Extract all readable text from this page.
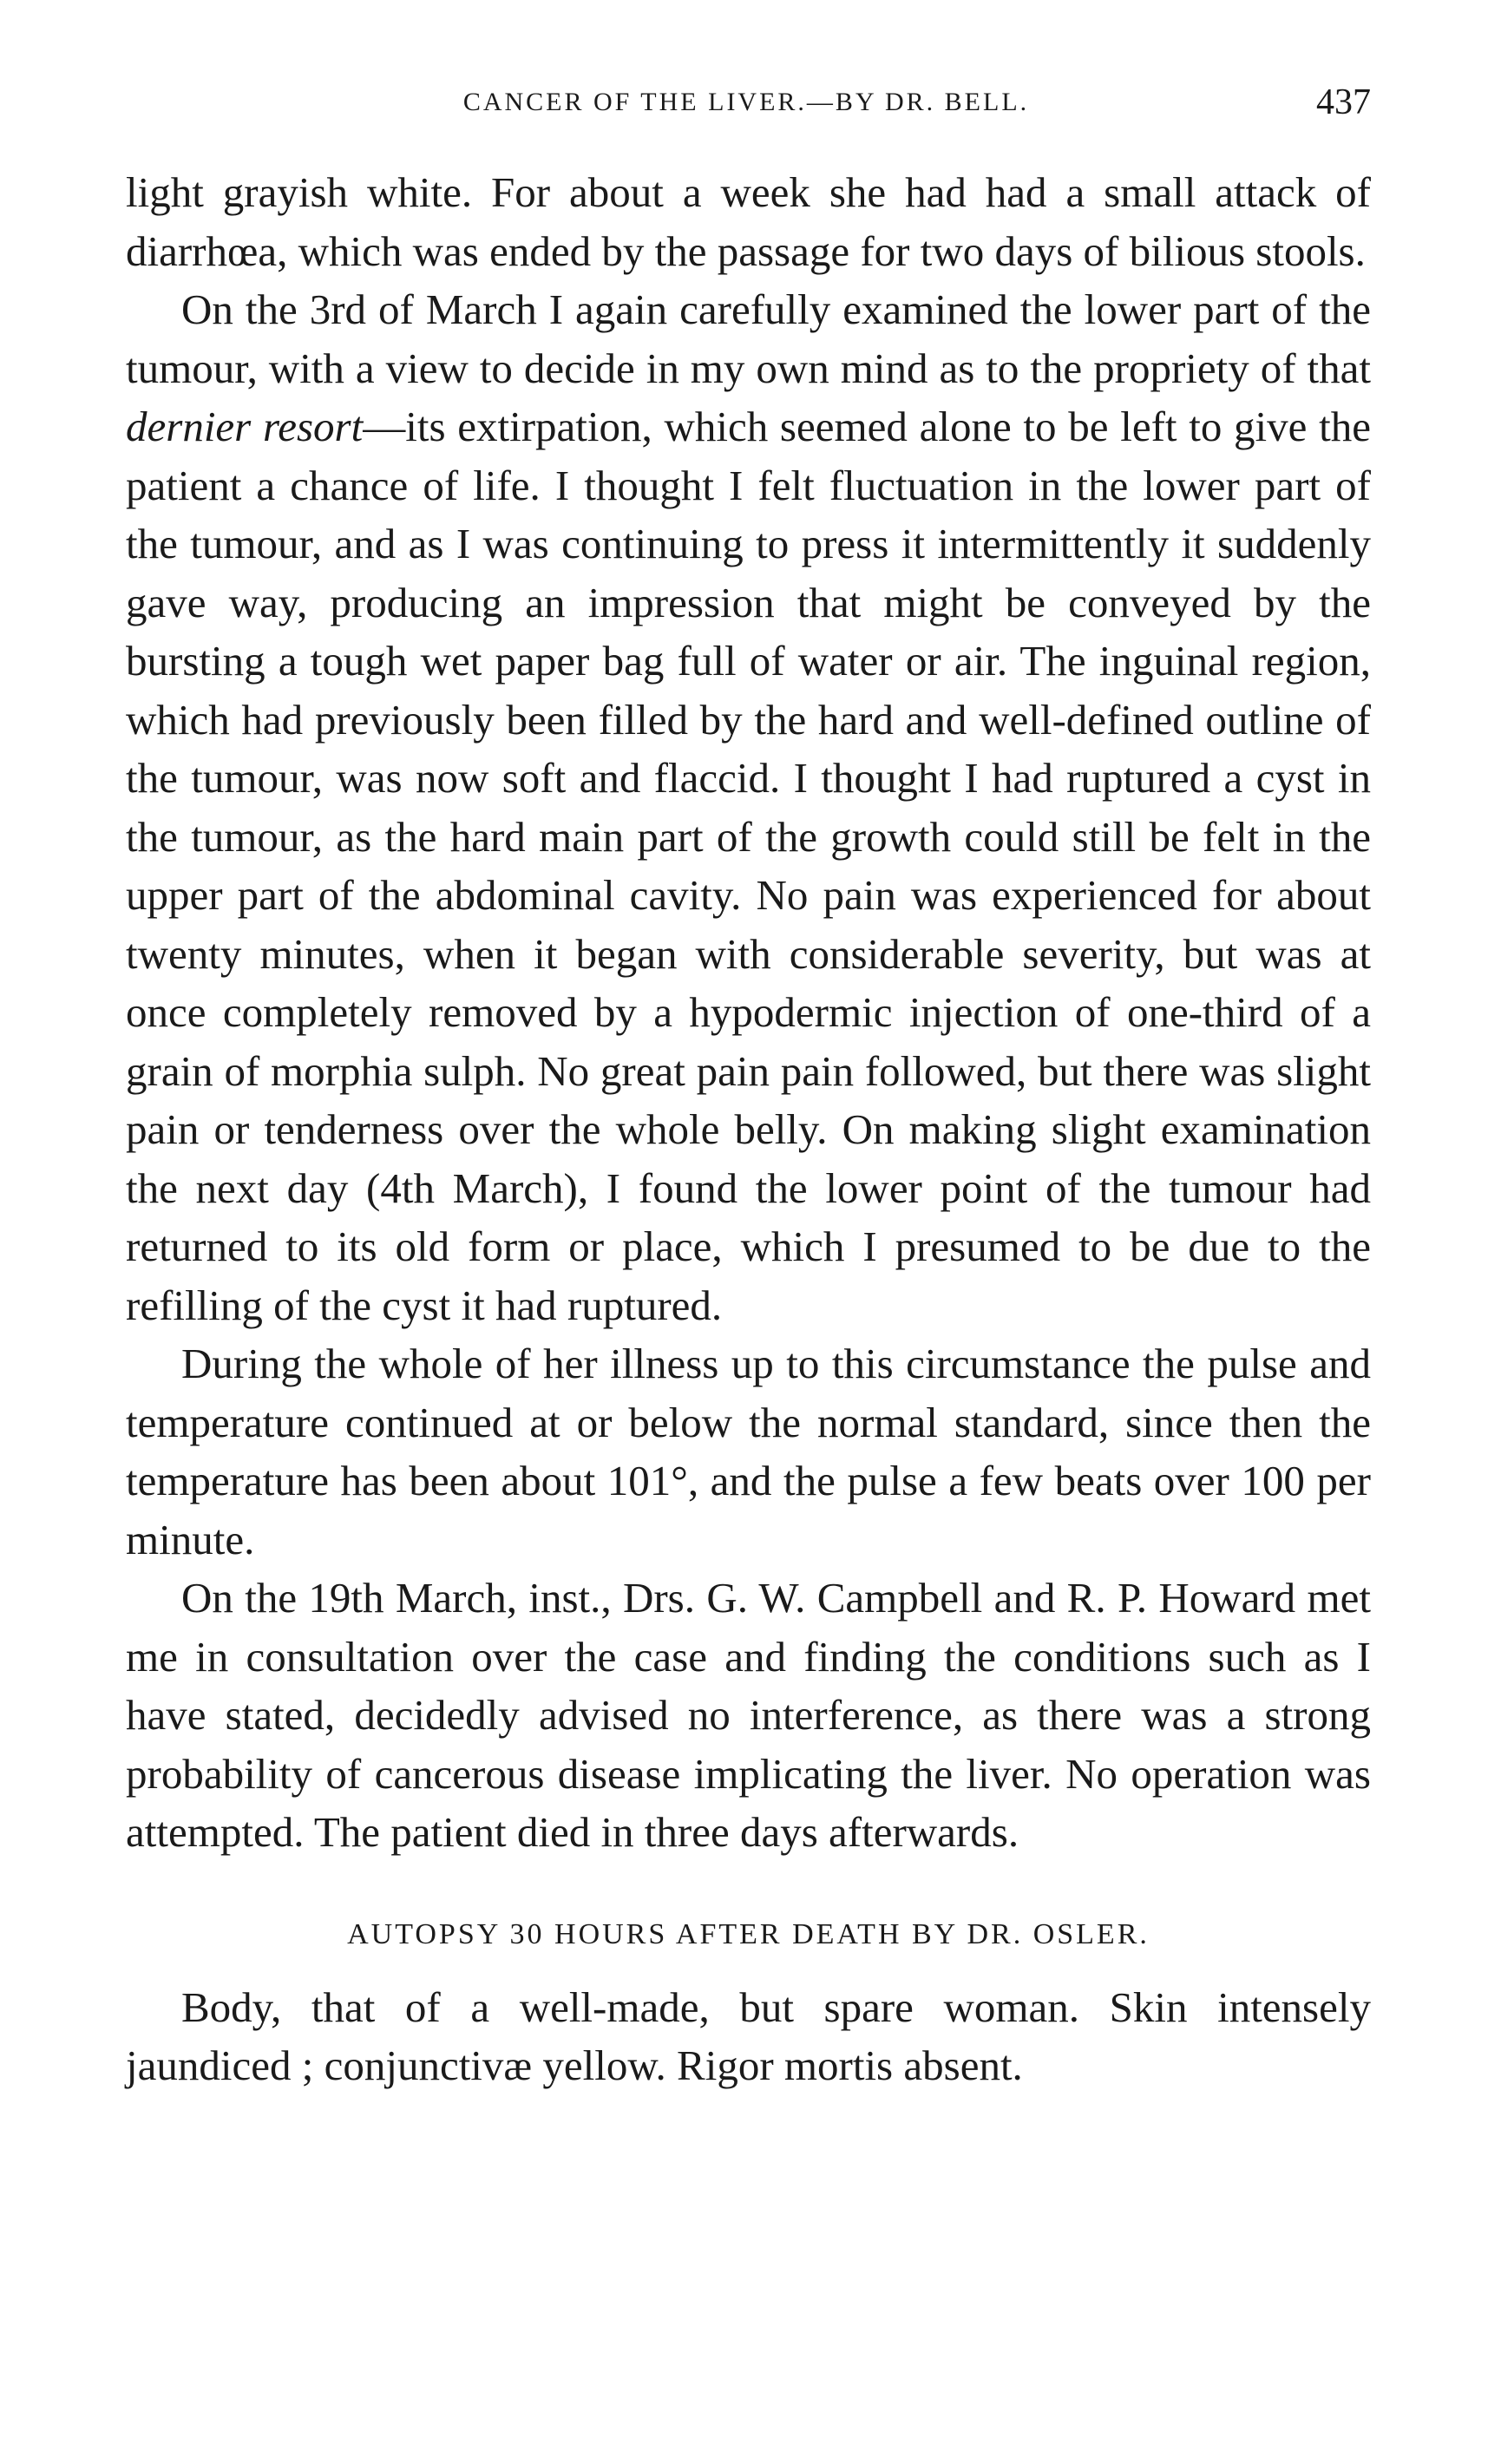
CANCER OF THE LIVER.—BY DR. BELL.	437

light grayish white. For about a week she had had a small attack of diarrhœa, which was ended by the passage for two days of bilious stools.

On the 3rd of March I again carefully examined the lower part of the tumour, with a view to decide in my own mind as to the propriety of that dernier resort—its extirpation, which seemed alone to be left to give the patient a chance of life. I thought I felt fluctuation in the lower part of the tumour, and as I was continuing to press it intermittently it suddenly gave way, producing an impression that might be conveyed by the bursting a tough wet paper bag full of water or air. The inguinal region, which had previously been filled by the hard and well-defined outline of the tumour, was now soft and flaccid. I thought I had ruptured a cyst in the tumour, as the hard main part of the growth could still be felt in the upper part of the abdominal cavity. No pain was experienced for about twenty minutes, when it began with considerable severity, but was at once completely removed by a hypodermic injection of one-third of a grain of morphia sulph. No great pain pain followed, but there was slight pain or tenderness over the whole belly. On making slight examination the next day (4th March), I found the lower point of the tumour had returned to its old form or place, which I presumed to be due to the refilling of the cyst it had ruptured.

During the whole of her illness up to this circumstance the pulse and temperature continued at or below the normal standard, since then the temperature has been about 101°, and the pulse a few beats over 100 per minute.

On the 19th March, inst., Drs. G. W. Campbell and R. P. Howard met me in consultation over the case and finding the conditions such as I have stated, decidedly advised no interference, as there was a strong probability of cancerous disease implicating the liver. No operation was attempted. The patient died in three days afterwards.

AUTOPSY 30 HOURS AFTER DEATH BY DR. OSLER.

Body, that of a well-made, but spare woman. Skin intensely jaundiced ; conjunctivæ yellow. Rigor mortis absent.
